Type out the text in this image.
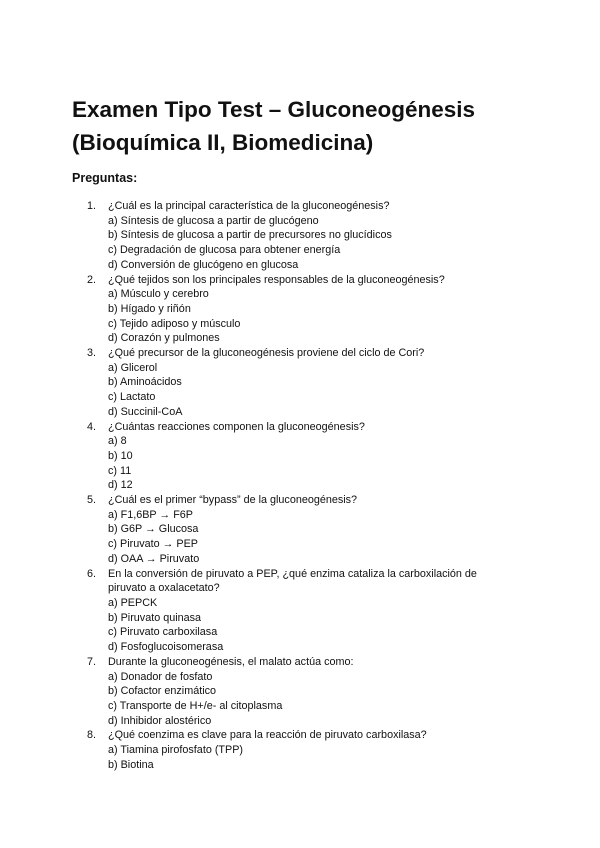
Examen Tipo Test – Gluconeogénesis
(Bioquímica II, Biomedicina)
Preguntas:
1. ¿Cuál es la principal característica de la gluconeogénesis?
a) Síntesis de glucosa a partir de glucógeno
b) Síntesis de glucosa a partir de precursores no glucídicos
c) Degradación de glucosa para obtener energía
d) Conversión de glucógeno en glucosa
2. ¿Qué tejidos son los principales responsables de la gluconeogénesis?
a) Músculo y cerebro
b) Hígado y riñón
c) Tejido adiposo y músculo
d) Corazón y pulmones
3. ¿Qué precursor de la gluconeogénesis proviene del ciclo de Cori?
a) Glicerol
b) Aminoácidos
c) Lactato
d) Succinil-CoA
4. ¿Cuántas reacciones componen la gluconeogénesis?
a) 8
b) 10
c) 11
d) 12
5. ¿Cuál es el primer “bypass” de la gluconeogénesis?
a) F1,6BP → F6P
b) G6P → Glucosa
c) Piruvato → PEP
d) OAA → Piruvato
6. En la conversión de piruvato a PEP, ¿qué enzima cataliza la carboxilación de piruvato a oxalacetato?
a) PEPCK
b) Piruvato quinasa
c) Piruvato carboxilasa
d) Fosfoglucoisomerasa
7. Durante la gluconeogénesis, el malato actúa como:
a) Donador de fosfato
b) Cofactor enzimático
c) Transporte de H+/e- al citoplasma
d) Inhibidor alostérico
8. ¿Qué coenzima es clave para la reacción de piruvato carboxilasa?
a) Tiamina pirofosfato (TPP)
b) Biotina
